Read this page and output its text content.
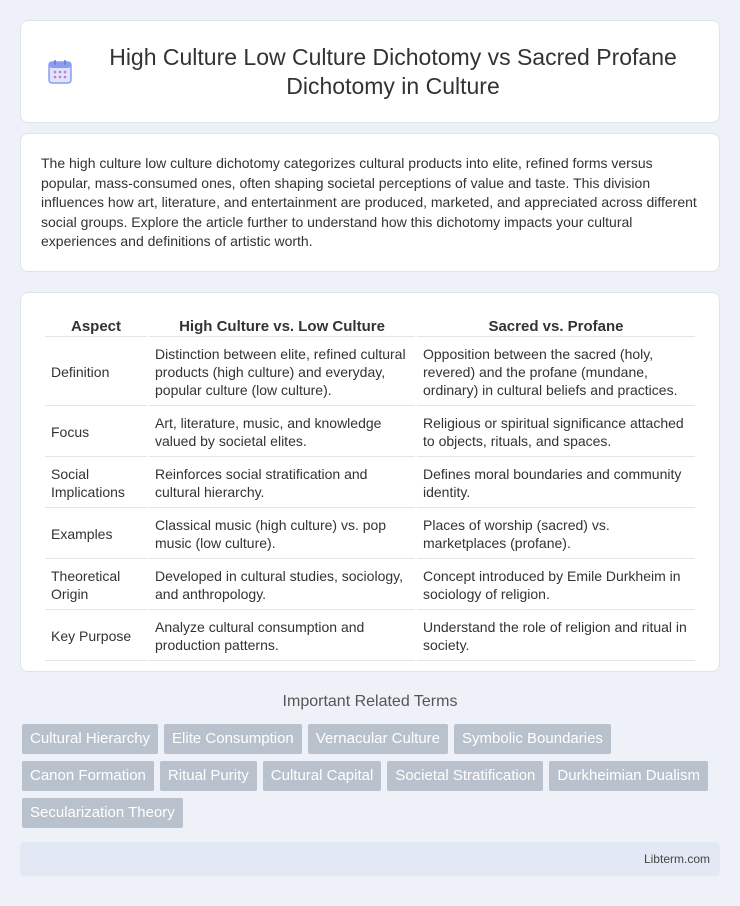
High Culture Low Culture Dichotomy vs Sacred Profane Dichotomy in Culture

The high culture low culture dichotomy categorizes cultural products into elite, refined forms versus popular, mass-consumed ones, often shaping societal perceptions of value and taste. This division influences how art, literature, and entertainment are produced, marketed, and appreciated across different social groups. Explore the article further to understand how this dichotomy impacts your cultural experiences and definitions of artistic worth.

Aspect	High Culture vs. Low Culture	Sacred vs. Profane
Definition	Distinction between elite, refined cultural products (high culture) and everyday, popular culture (low culture).	Opposition between the sacred (holy, revered) and the profane (mundane, ordinary) in cultural beliefs and practices.
Focus	Art, literature, music, and knowledge valued by societal elites.	Religious or spiritual significance attached to objects, rituals, and spaces.
Social Implications	Reinforces social stratification and cultural hierarchy.	Defines moral boundaries and community identity.
Examples	Classical music (high culture) vs. pop music (low culture).	Places of worship (sacred) vs. marketplaces (profane).
Theoretical Origin	Developed in cultural studies, sociology, and anthropology.	Concept introduced by Emile Durkheim in sociology of religion.
Key Purpose	Analyze cultural consumption and production patterns.	Understand the role of religion and ritual in society.
Important Related Terms
Cultural Hierarchy	Elite Consumption	Vernacular Culture	Symbolic Boundaries
Canon Formation	Ritual Purity	Cultural Capital	Societal Stratification	Durkheimian Dualism
Secularization Theory
Libterm.com
